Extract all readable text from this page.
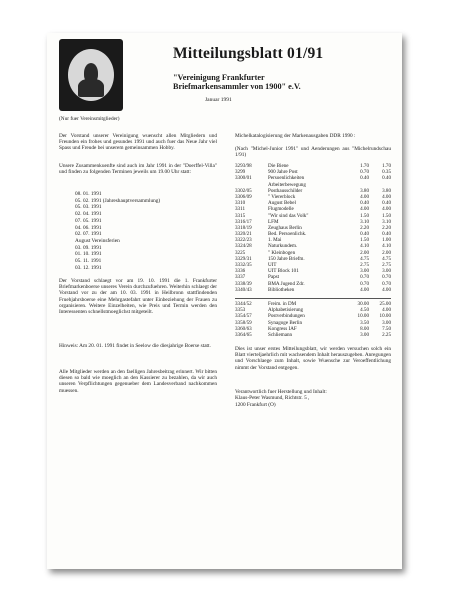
Mitteilungsblatt 01/91
"Vereinigung Frankfurter
Briefmarkensammler von 1900" e.V.
Januar 1991
(Nur fuer Vereinsmitglieder)
Der Vorstand unserer Vereinigung wuenscht allen Mitgliedern und Freunden ein frohes und gesundes 1991 und auch fuer das Neue Jahr viel Spass und Freude bei unserem gemeinsammen Hobby.
Unsere Zusammenkuenfte sind auch im Jahr 1991 in der "Doerffel-Villa" und finden zu folgenden Terminen jeweils um 19.00 Uhr statt:
08. 01. 1991
05. 02. 1991 (Jahreshauptversammlung)
05. 03. 1991
02. 04. 1991
07. 05. 1991
04. 06. 1991
02. 07. 1991
August Vereinsferien
03. 09. 1991
01. 10. 1991
05. 11. 1991
03. 12. 1991
Der Vorstand schlaegt vor am 19. 10. 1991 die 1. Frankfurter Briefmarkenboerse unseres Verein durchzufuehren. Weiterhin schlaegt der Vorstand vor zu der am 10. 03. 1991 in Heilbronn stattfindenden Fruehjahrsboerse eine Mehrgastefahrt unter Einbeziehung der Frauen zu organisieren. Weitere Einzelheiten, wie Preis und Termin werden den Interessenten schnellstmoeglichst mitgeteilt.
Hinweis: Am 20. 01. 1991 findet in Seelow die diesjahrige Boerse statt.
Alle Mitglieder werden an den faelligen Jahresbeitrag erinnert. Wir bitten diesen so bald wie moeglich an den Kassierer zu bezahlen, da wir auch unseren Verpflichtungen gegenueber dem Landesverband nachkommen muessen.
Michelkatalogisierung der Markenausgaben DDR 1990 :
(Nach "Michel-Junior 1991" und Aenderungen aus "Michelrundschau 1/91)
3293/98	Die Biene	1.70	1.70
3299	900 Jahre Post	0.70	0.35
3300/01	Persoenlichkeiten	0.40	0.40
	Arbeiterbewegung		
3302/05	Posthausschilder	3.80	3.80
3306/09	" Viererblock	4.00	4.00
3310	August Bebel	0.40	0.40
3311	Flugmodelle	4.00	4.00
3315	"Wir sind das Volk"	1.50	1.50
3316/17	LFM	3.10	3.10
3318/19	Zeughaus Berlin	2.20	2.20
3320/21	Bed. Persoenlichk.	0.40	0.40
3322/23	1. Mai	1.50	1.00
3324/28	Naturkundem.	4.10	4.10
3225	" Kleinbogen	2.00	2.00
3329/31	150 Jahre Briefm.	4.75	4.75
3332/35	UIT	2.75	2.75
3336	UIT Block 101	3.00	3.00
3337	Papst	0.70	0.70
3338/39	BMA Jugend Zdr.	0.70	0.70
3340/43	Bibliotheken	4.00	4.00
3344/52	Freim. in DM	30.00	25.00
3353	Alphabetisierung	4.50	4.00
3354/57	Postverbindungen	10.00	10.00
3358/59	Synagoge Berlin	3.50	3.00
3360/63	Kongress IAF	8.00	7.50
3364/65	Schliemann	3.00	2.25
Dies ist unser erstes Mitteilungsblatt, wir werden versuchen solch ein Blatt vierteljaehrlich mit wachsendem Inhalt herauszugeben. Anregungen und Vorschlaege zum Inhalt, sowie Wuensche zur Veroeffentlichung nimmt der Vorstand entgegen.
Verantwortlich fuer Herstellung und Inhalt:
Klaus-Peter Wasmund, Richtstr. 5 ,
1200 Frankfurt (O)
